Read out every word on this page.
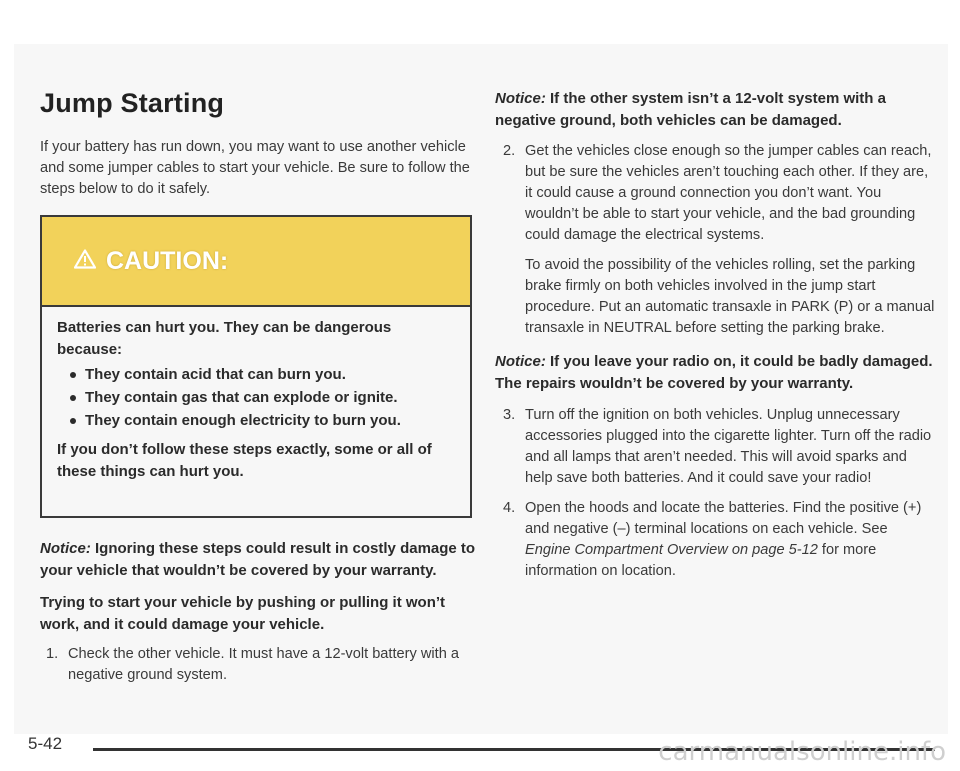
Jump Starting

If your battery has run down, you may want to use another vehicle and some jumper cables to start your vehicle. Be sure to follow the steps below to do it safely.

CAUTION:

Batteries can hurt you. They can be dangerous because:

They contain acid that can burn you.
They contain gas that can explode or ignite.
They contain enough electricity to burn you.

If you don’t follow these steps exactly, some or all of these things can hurt you.

Notice: Ignoring these steps could result in costly damage to your vehicle that wouldn’t be covered by your warranty.

Trying to start your vehicle by pushing or pulling it won’t work, and it could damage your vehicle.

1. Check the other vehicle. It must have a 12-volt battery with a negative ground system.

Notice: If the other system isn’t a 12-volt system with a negative ground, both vehicles can be damaged.

2. Get the vehicles close enough so the jumper cables can reach, but be sure the vehicles aren’t touching each other. If they are, it could cause a ground connection you don’t want. You wouldn’t be able to start your vehicle, and the bad grounding could damage the electrical systems.

To avoid the possibility of the vehicles rolling, set the parking brake firmly on both vehicles involved in the jump start procedure. Put an automatic transaxle in PARK (P) or a manual transaxle in NEUTRAL before setting the parking brake.

Notice: If you leave your radio on, it could be badly damaged. The repairs wouldn’t be covered by your warranty.

3. Turn off the ignition on both vehicles. Unplug unnecessary accessories plugged into the cigarette lighter. Turn off the radio and all lamps that aren’t needed. This will avoid sparks and help save both batteries. And it could save your radio!
4. Open the hoods and locate the batteries. Find the positive (+) and negative (–) terminal locations on each vehicle. See Engine Compartment Overview on page 5-12 for more information on location.
5-42	carmanualsonline.info
